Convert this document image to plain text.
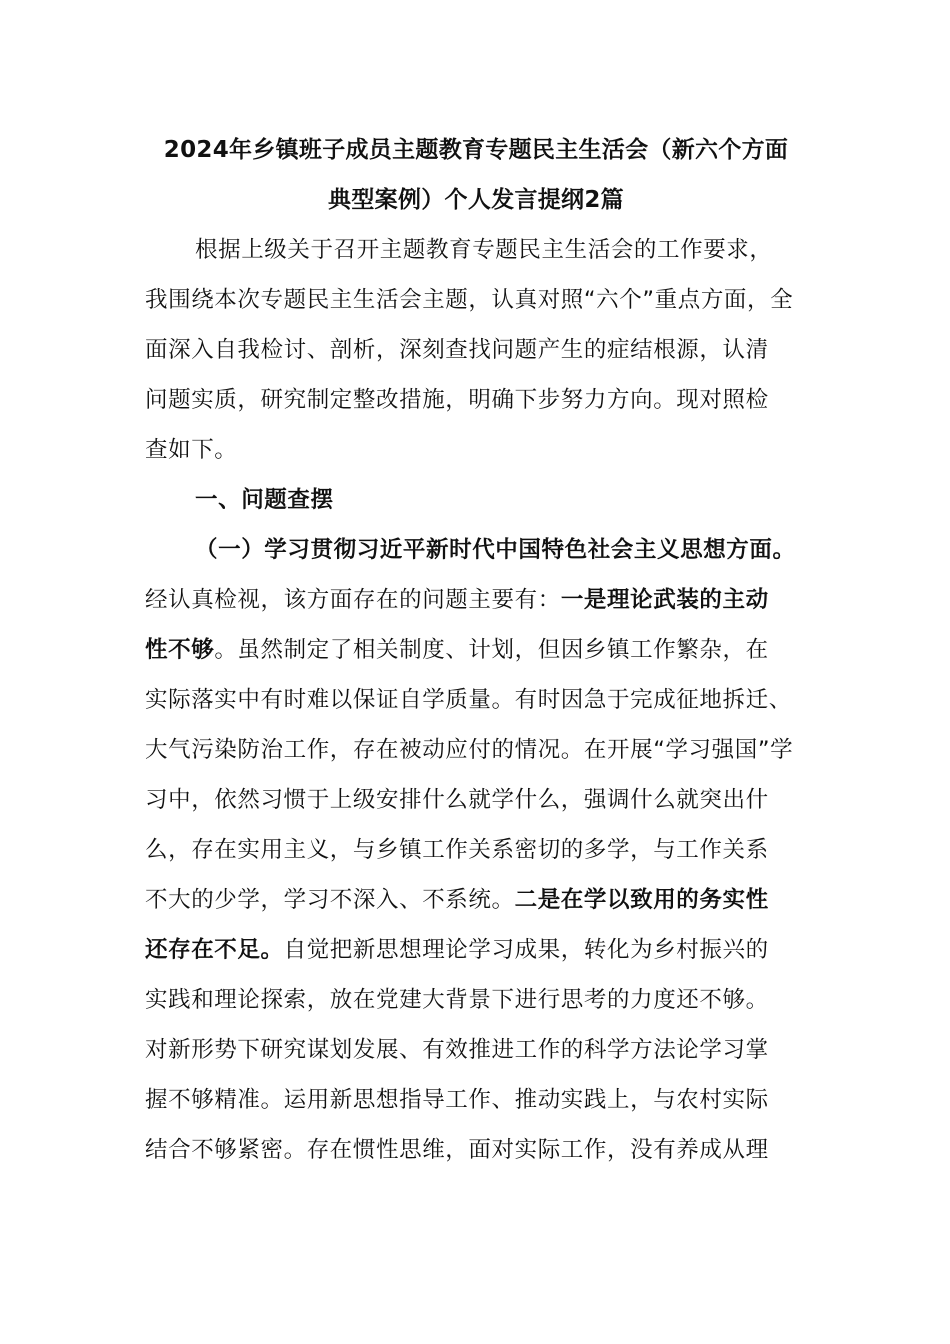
2024年乡镇班子成员主题教育专题民主生活会（新六个方面
典型案例）个人发言提纲2篇
根据上级关于召开主题教育专题民主生活会的工作要求，
我围绕本次专题民主生活会主题，认真对照“六个”重点方面，全
面深入自我检讨、剖析，深刻查找问题产生的症结根源，认清
问题实质，研究制定整改措施，明确下步努力方向。现对照检
查如下。
一、问题查摆
（一）学习贯彻习近平新时代中国特色社会主义思想方面。
经认真检视，该方面存在的问题主要有：一是理论武装的主动
性不够。虽然制定了相关制度、计划，但因乡镇工作繁杂，在
实际落实中有时难以保证自学质量。有时因急于完成征地拆迁、
大气污染防治工作，存在被动应付的情况。在开展“学习强国”学
习中，依然习惯于上级安排什么就学什么，强调什么就突出什
么，存在实用主义，与乡镇工作关系密切的多学，与工作关系
不大的少学，学习不深入、不系统。二是在学以致用的务实性
还存在不足。自觉把新思想理论学习成果，转化为乡村振兴的
实践和理论探索，放在党建大背景下进行思考的力度还不够。
对新形势下研究谋划发展、有效推进工作的科学方法论学习掌
握不够精准。运用新思想指导工作、推动实践上，与农村实际
结合不够紧密。存在惯性思维，面对实际工作，没有养成从理
